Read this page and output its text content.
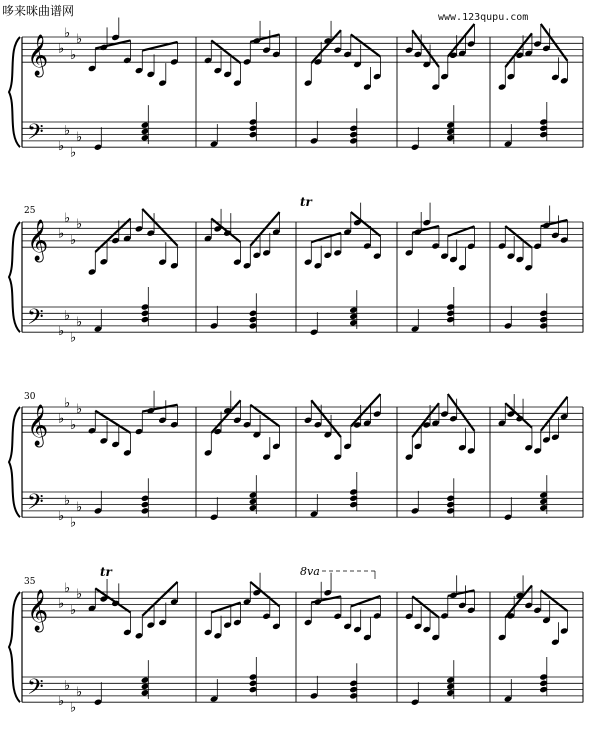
哆来咪曲谱网	www.123qupu.com
25
30
35
𝄞
𝄢
♭
♭
♭
♭
♭
♭
♭
♭
𝄞
𝄢
♭
♭
♭
♭
♭
♭
♭
♭
tr
𝄞
𝄢
♭
♭
♭
♭
♭
♭
♭
♭
𝄞
𝄢
♭
♭
♭
♭
♭
♭
♭
♭
tr	8va
